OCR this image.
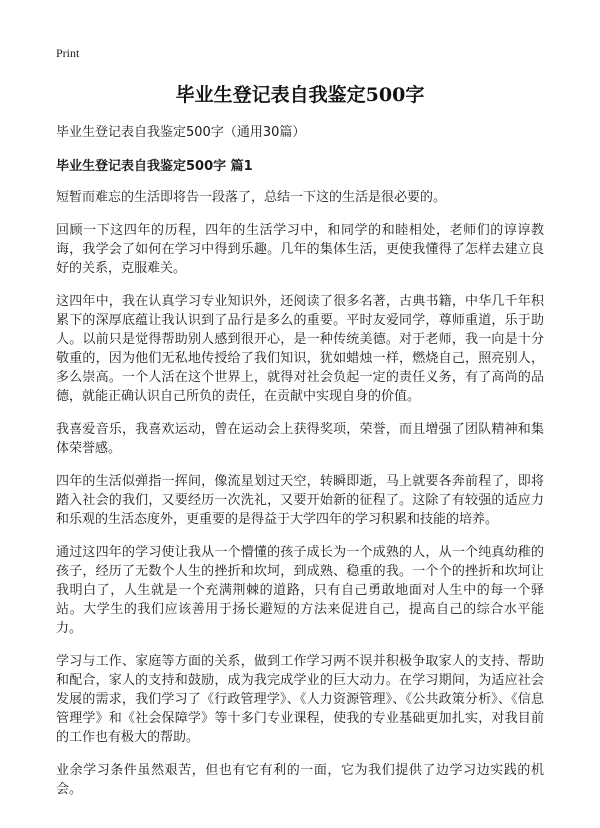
Print
毕业生登记表自我鉴定500字
毕业生登记表自我鉴定500字（通用30篇）
毕业生登记表自我鉴定500字 篇1

短暂而难忘的生活即将告一段落了，总结一下这的生活是很必要的。

回顾一下这四年的历程，四年的生活学习中，和同学的和睦相处，老师们的谆谆教诲，我学会了如何在学习中得到乐趣。几年的集体生活，更使我懂得了怎样去建立良好的关系，克服难关。

这四年中，我在认真学习专业知识外，还阅读了很多名著，古典书籍，中华几千年积累下的深厚底蕴让我认识到了品行是多么的重要。平时友爱同学，尊师重道，乐于助人。以前只是觉得帮助别人感到很开心，是一种传统美德。对于老师，我一向是十分敬重的，因为他们无私地传授给了我们知识，犹如蜡烛一样，燃烧自己，照亮别人，多么崇高。一个人活在这个世界上，就得对社会负起一定的责任义务，有了高尚的品德，就能正确认识自己所负的责任，在贡献中实现自身的价值。

我喜爱音乐，我喜欢运动，曾在运动会上获得奖项，荣誉，而且增强了团队精神和集体荣誉感。

四年的生活似弹指一挥间，像流星划过天空，转瞬即逝，马上就要各奔前程了，即将踏入社会的我们，又要经历一次洗礼，又要开始新的征程了。这除了有较强的适应力和乐观的生活态度外，更重要的是得益于大学四年的学习积累和技能的培养。

通过这四年的学习使让我从一个懵懂的孩子成长为一个成熟的人，从一个纯真幼稚的孩子，经历了无数个人生的挫折和坎坷，到成熟、稳重的我。一个个的挫折和坎坷让我明白了，人生就是一个充满荆棘的道路，只有自己勇敢地面对人生中的每一个驿站。大学生的我们应该善用于扬长避短的方法来促进自己，提高自己的综合水平能力。

学习与工作、家庭等方面的关系，做到工作学习两不误并积极争取家人的支持、帮助和配合，家人的支持和鼓励，成为我完成学业的巨大动力。在学习期间，为适应社会发展的需求，我们学习了《行政管理学》、《人力资源管理》、《公共政策分析》、《信息管理学》和《社会保障学》等十多门专业课程，使我的专业基础更加扎实，对我目前的工作也有极大的帮助。

业余学习条件虽然艰苦，但也有它有利的一面，它为我们提供了边学习边实践的机会。
